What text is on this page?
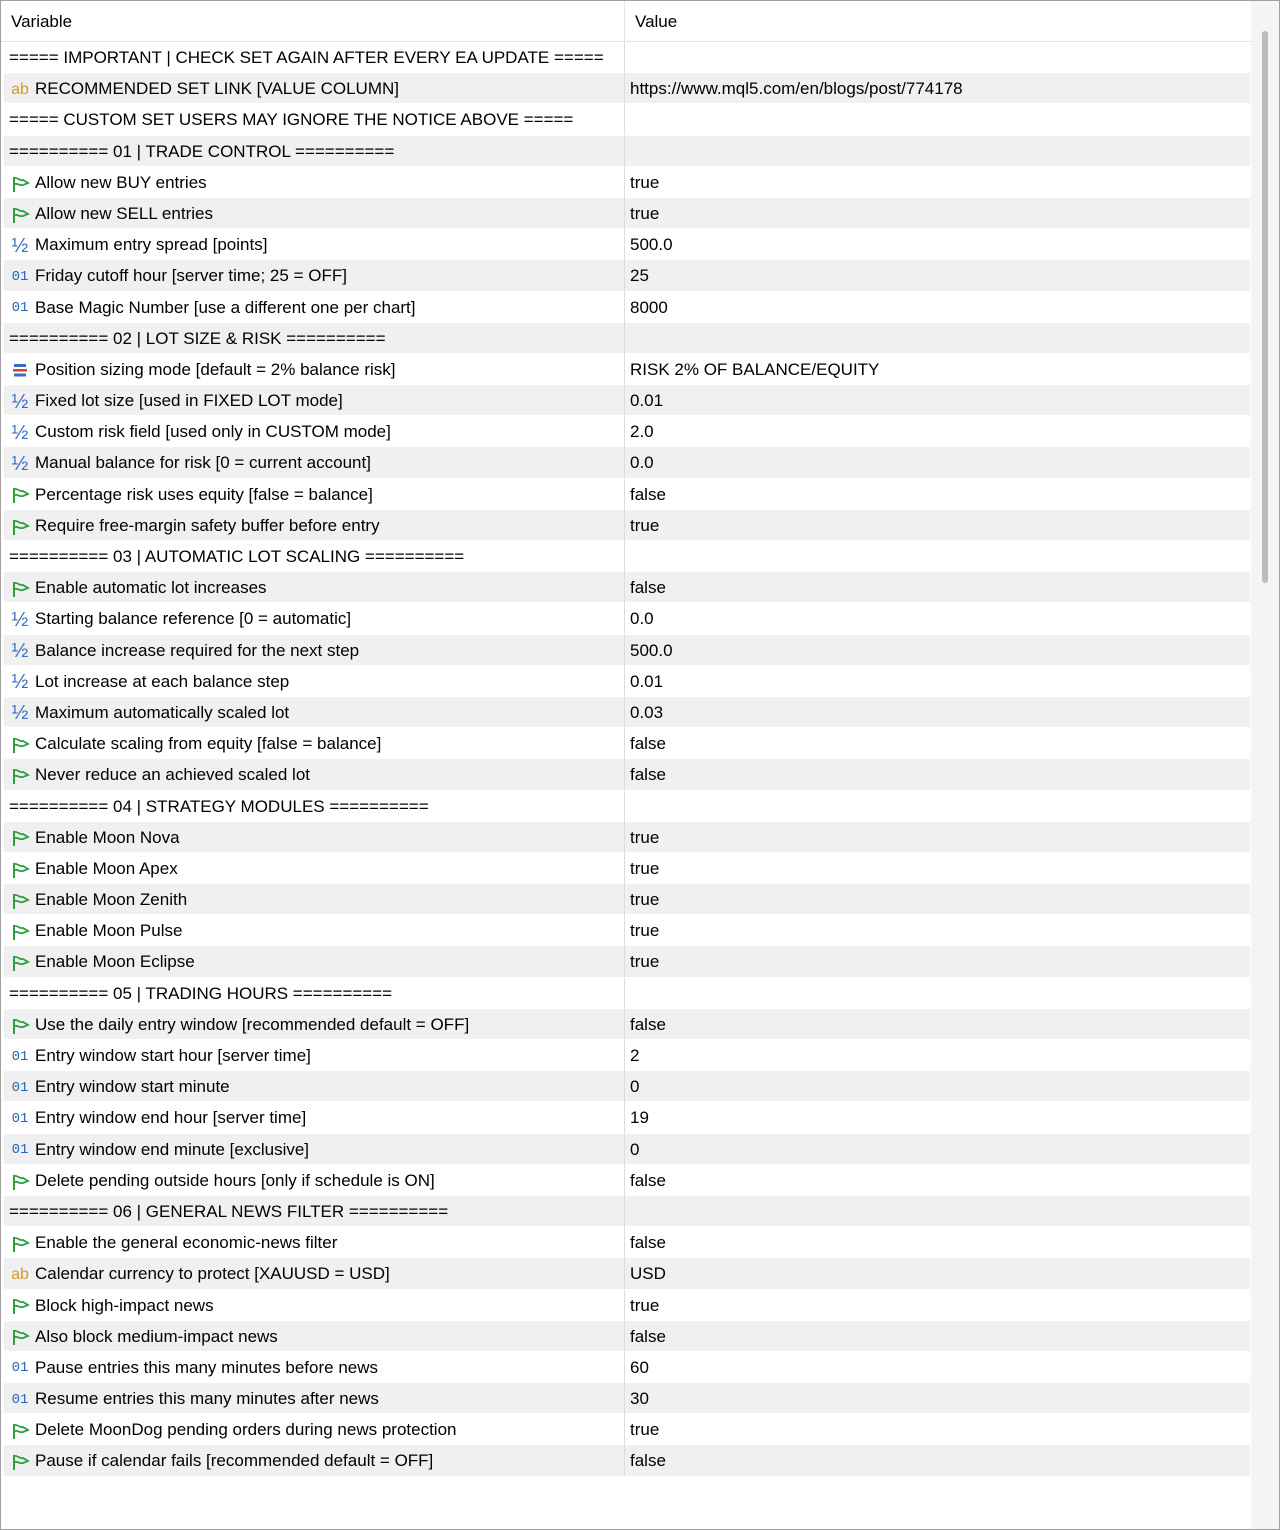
Variable	Value
===== IMPORTANT | CHECK SET AGAIN AFTER EVERY EA UPDATE =====
ab RECOMMENDED SET LINK [VALUE COLUMN]	https://www.mql5.com/en/blogs/post/774178
===== CUSTOM SET USERS MAY IGNORE THE NOTICE ABOVE =====
========== 01 | TRADE CONTROL ==========
Allow new BUY entries	true
Allow new SELL entries	true
½ Maximum entry spread [points]	500.0
01 Friday cutoff hour [server time; 25 = OFF]	25
01 Base Magic Number [use a different one per chart]	8000
========== 02 | LOT SIZE & RISK ==========
Position sizing mode [default = 2% balance risk]	RISK 2% OF BALANCE/EQUITY
½ Fixed lot size [used in FIXED LOT mode]	0.01
½ Custom risk field [used only in CUSTOM mode]	2.0
½ Manual balance for risk [0 = current account]	0.0
Percentage risk uses equity [false = balance]	false
Require free-margin safety buffer before entry	true
========== 03 | AUTOMATIC LOT SCALING ==========
Enable automatic lot increases	false
½ Starting balance reference [0 = automatic]	0.0
½ Balance increase required for the next step	500.0
½ Lot increase at each balance step	0.01
½ Maximum automatically scaled lot	0.03
Calculate scaling from equity [false = balance]	false
Never reduce an achieved scaled lot	false
========== 04 | STRATEGY MODULES ==========
Enable Moon Nova	true
Enable Moon Apex	true
Enable Moon Zenith	true
Enable Moon Pulse	true
Enable Moon Eclipse	true
========== 05 | TRADING HOURS ==========
Use the daily entry window [recommended default = OFF]	false
01 Entry window start hour [server time]	2
01 Entry window start minute	0
01 Entry window end hour [server time]	19
01 Entry window end minute [exclusive]	0
Delete pending outside hours [only if schedule is ON]	false
========== 06 | GENERAL NEWS FILTER ==========
Enable the general economic-news filter	false
ab Calendar currency to protect [XAUUSD = USD]	USD
Block high-impact news	true
Also block medium-impact news	false
01 Pause entries this many minutes before news	60
01 Resume entries this many minutes after news	30
Delete MoonDog pending orders during news protection	true
Pause if calendar fails [recommended default = OFF]	false
